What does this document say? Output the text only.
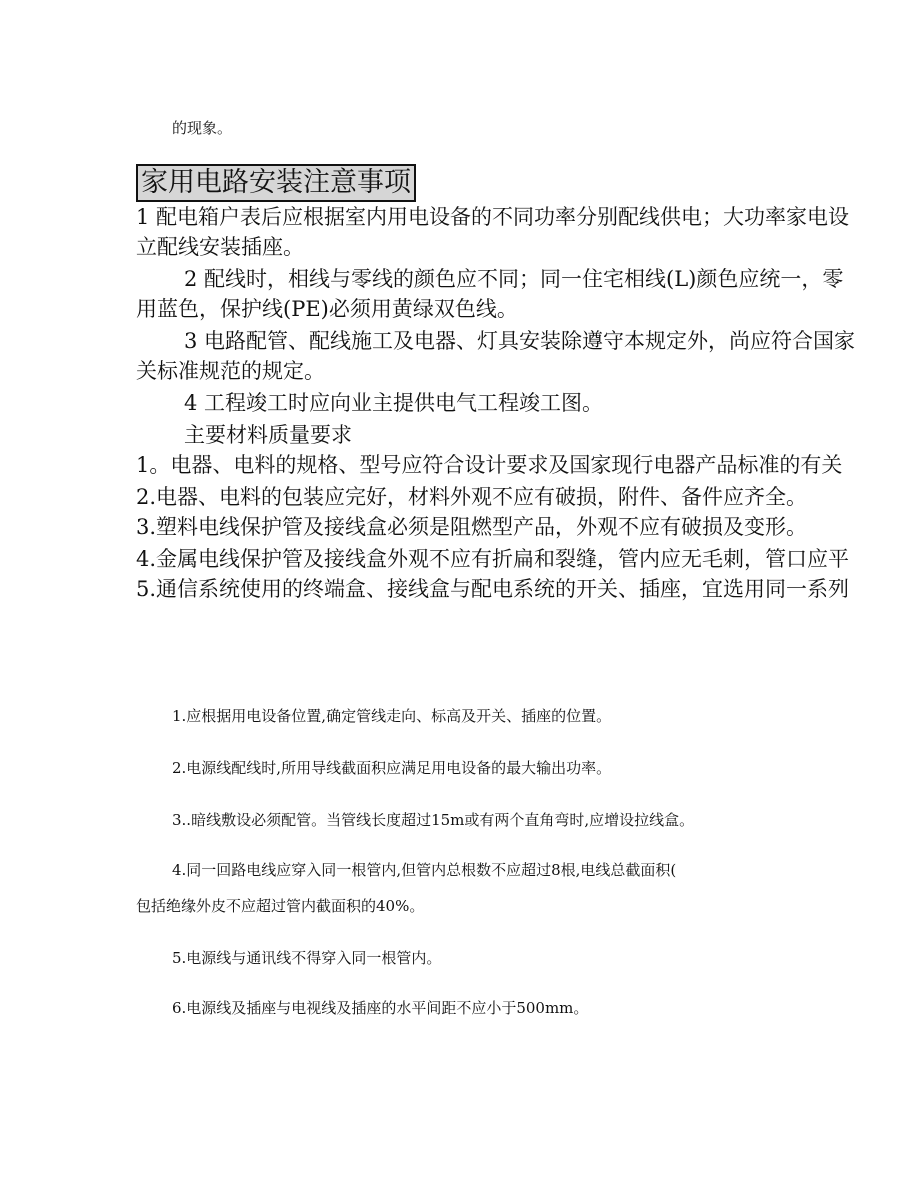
的现象。
家用电路安装注意事项
1 配电箱户表后应根据室内用电设备的不同功率分别配线供电；大功率家电设
立配线安装插座。
2 配线时，相线与零线的颜色应不同；同一住宅相线(L)颜色应统一，零
用蓝色，保护线(PE)必须用黄绿双色线。
3 电路配管、配线施工及电器、灯具安装除遵守本规定外，尚应符合国家
关标准规范的规定。
4 工程竣工时应向业主提供电气工程竣工图。
主要材料质量要求
1。电器、电料的规格、型号应符合设计要求及国家现行电器产品标准的有关
2.电器、电料的包装应完好，材料外观不应有破损，附件、备件应齐全。
3.塑料电线保护管及接线盒必须是阻燃型产品，外观不应有破损及变形。
4.金属电线保护管及接线盒外观不应有折扁和裂缝，管内应无毛刺，管口应平
5.通信系统使用的终端盒、接线盒与配电系统的开关、插座，宜选用同一系列
1.应根据用电设备位置,确定管线走向、标高及开关、插座的位置。
2.电源线配线时,所用导线截面积应满足用电设备的最大输出功率。
3..暗线敷设必须配管。当管线长度超过15m或有两个直角弯时,应增设拉线盒。
4.同一回路电线应穿入同一根管内,但管内总根数不应超过8根,电线总截面积(
包括绝缘外皮不应超过管内截面积的40%。
5.电源线与通讯线不得穿入同一根管内。
6.电源线及插座与电视线及插座的水平间距不应小于500mm。
